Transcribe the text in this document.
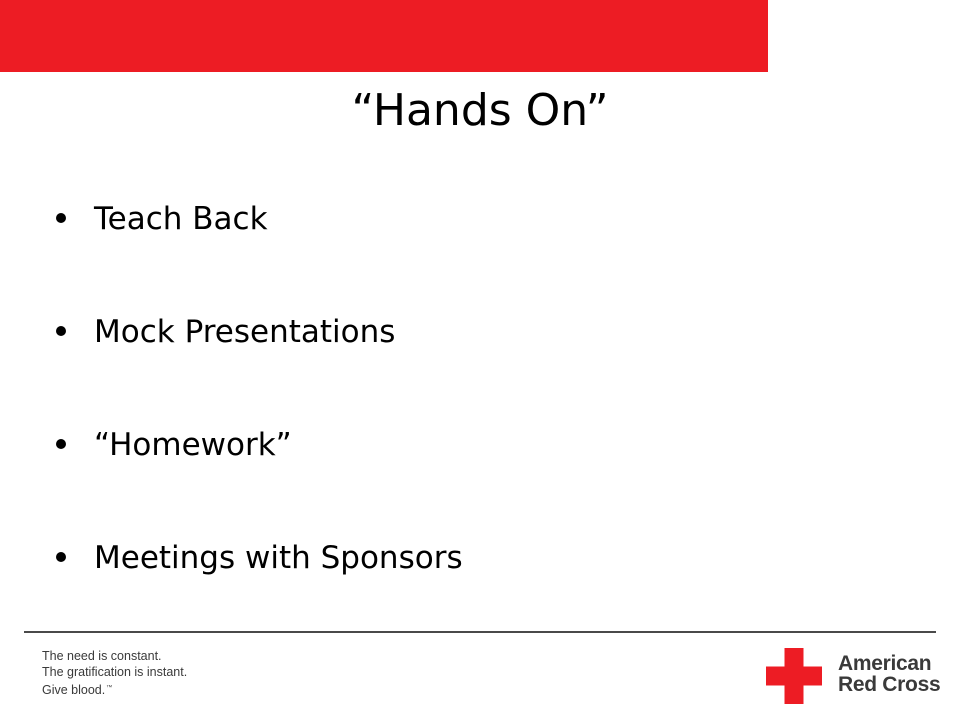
“Hands On”
Teach Back
Mock Presentations
“Homework”
Meetings with Sponsors
The need is constant.
The gratification is instant.
Give blood.™
American
Red Cross
